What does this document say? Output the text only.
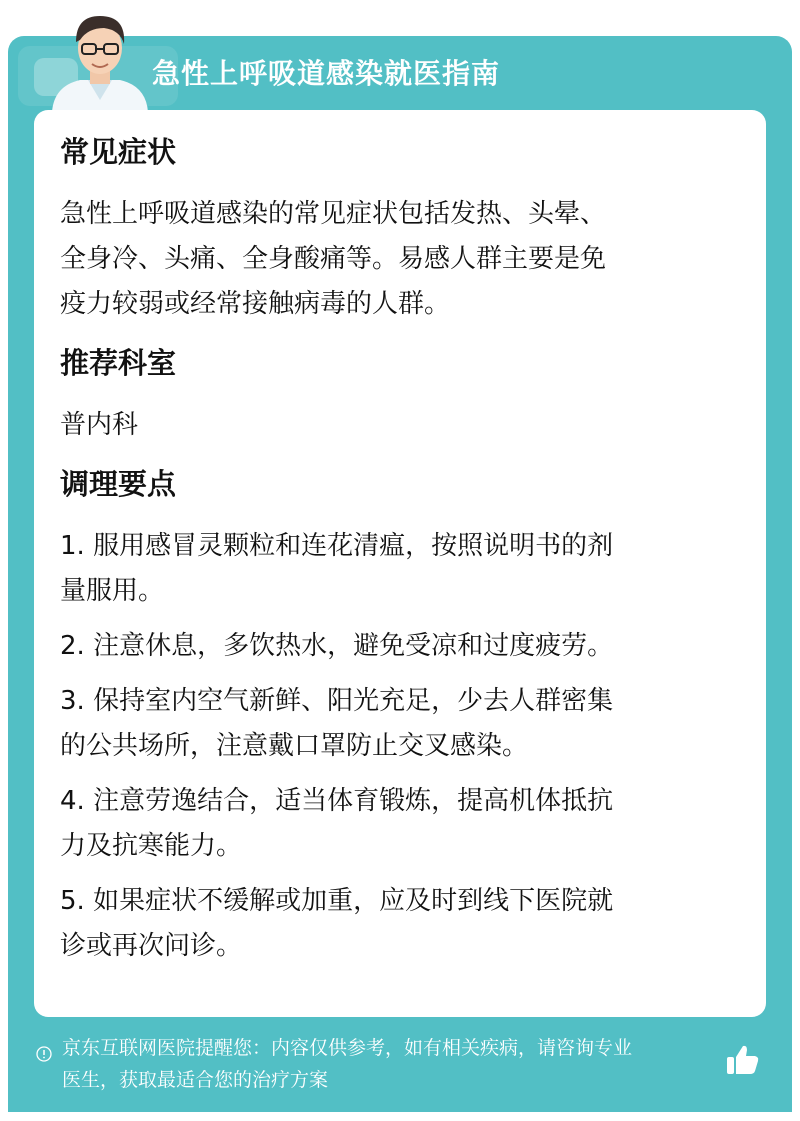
急性上呼吸道感染就医指南
常见症状
急性上呼吸道感染的常见症状包括发热、头晕、
全身冷、头痛、全身酸痛等。易感人群主要是免
疫力较弱或经常接触病毒的人群。
推荐科室
普内科
调理要点
1. 服用感冒灵颗粒和连花清瘟，按照说明书的剂
量服用。
2. 注意休息，多饮热水，避免受凉和过度疲劳。
3. 保持室内空气新鲜、阳光充足，少去人群密集
的公共场所，注意戴口罩防止交叉感染。
4. 注意劳逸结合，适当体育锻炼，提高机体抵抗
力及抗寒能力。
5. 如果症状不缓解或加重，应及时到线下医院就
诊或再次问诊。
京东互联网医院提醒您：内容仅供参考，如有相关疾病，请咨询专业
医生，获取最适合您的治疗方案
